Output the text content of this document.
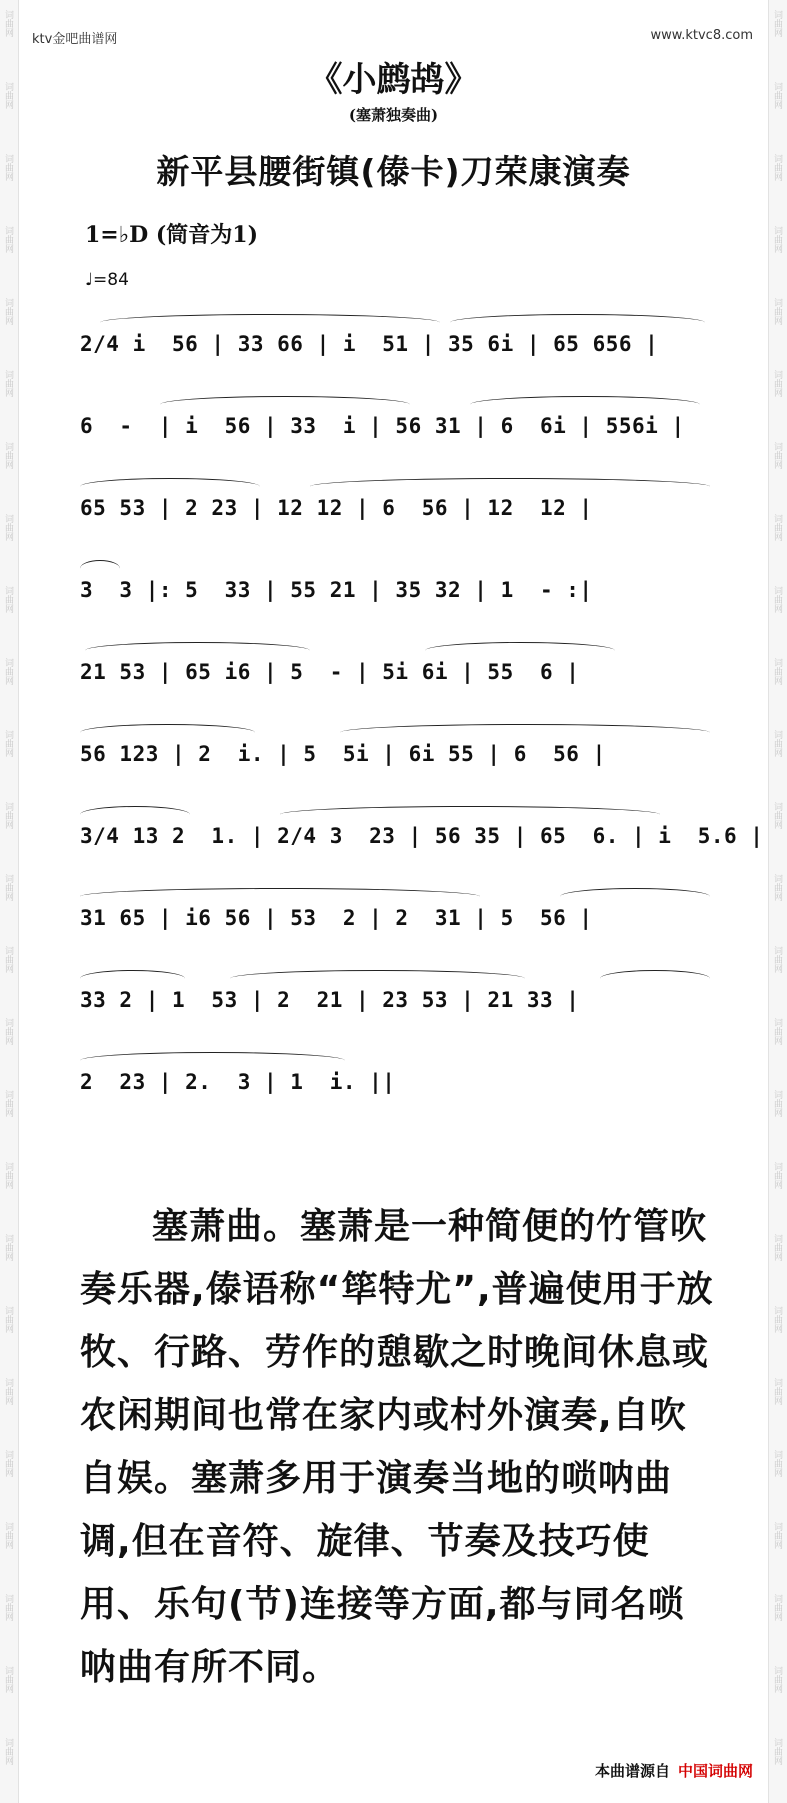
词曲网
词曲网
词曲网
词曲网
词曲网
词曲网
词曲网
词曲网
词曲网
词曲网
词曲网
词曲网
词曲网
词曲网
词曲网
词曲网
词曲网
词曲网
词曲网
词曲网
词曲网
词曲网
词曲网
词曲网
词曲网
词曲网
词曲网
词曲网
词曲网
词曲网
词曲网
词曲网
词曲网
词曲网
词曲网
词曲网
词曲网
词曲网
词曲网
词曲网
词曲网
词曲网
词曲网
词曲网
词曲网
词曲网
词曲网
词曲网
词曲网
词曲网
ktv金吧曲谱网	www.ktvc8.com
《小鹧鸪》
(塞萧独奏曲)
新平县腰街镇(傣卡)刀荣康演奏
1=♭D (筒音为1)
♩=84
2/4 i  56 | 33 66 | i  51 | 35 6i | 65 656 |
6  -  | i  56 | 33  i | 56 31 | 6  6i | 556i |
65 53 | 2 23 | 12 12 | 6  56 | 12  12 |
3  3 |: 5  33 | 55 21 | 35 32 | 1  - :|
21 53 | 65 i6 | 5  - | 5i 6i | 55  6 |
56 123 | 2  i. | 5  5i | 6i 55 | 6  56 |
3/4 13 2  1. | 2/4 3  23 | 56 35 | 65  6. | i  5.6 |
31 65 | i6 56 | 53  2 | 2  31 | 5  56 |
33 2 | 1  53 | 2  21 | 23 53 | 21 33 |
2  23 | 2.  3 | 1  i. ||

塞萧曲。塞萧是一种简便的竹管吹奏乐器,傣语称“筚特尤”,普遍使用于放牧、行路、劳作的憩歇之时晚间休息或农闲期间也常在家内或村外演奏,自吹自娱。塞萧多用于演奏当地的唢呐曲调,但在音符、旋律、节奏及技巧使用、乐句(节)连接等方面,都与同名唢呐曲有所不同。

本曲谱源自 中国词曲网
